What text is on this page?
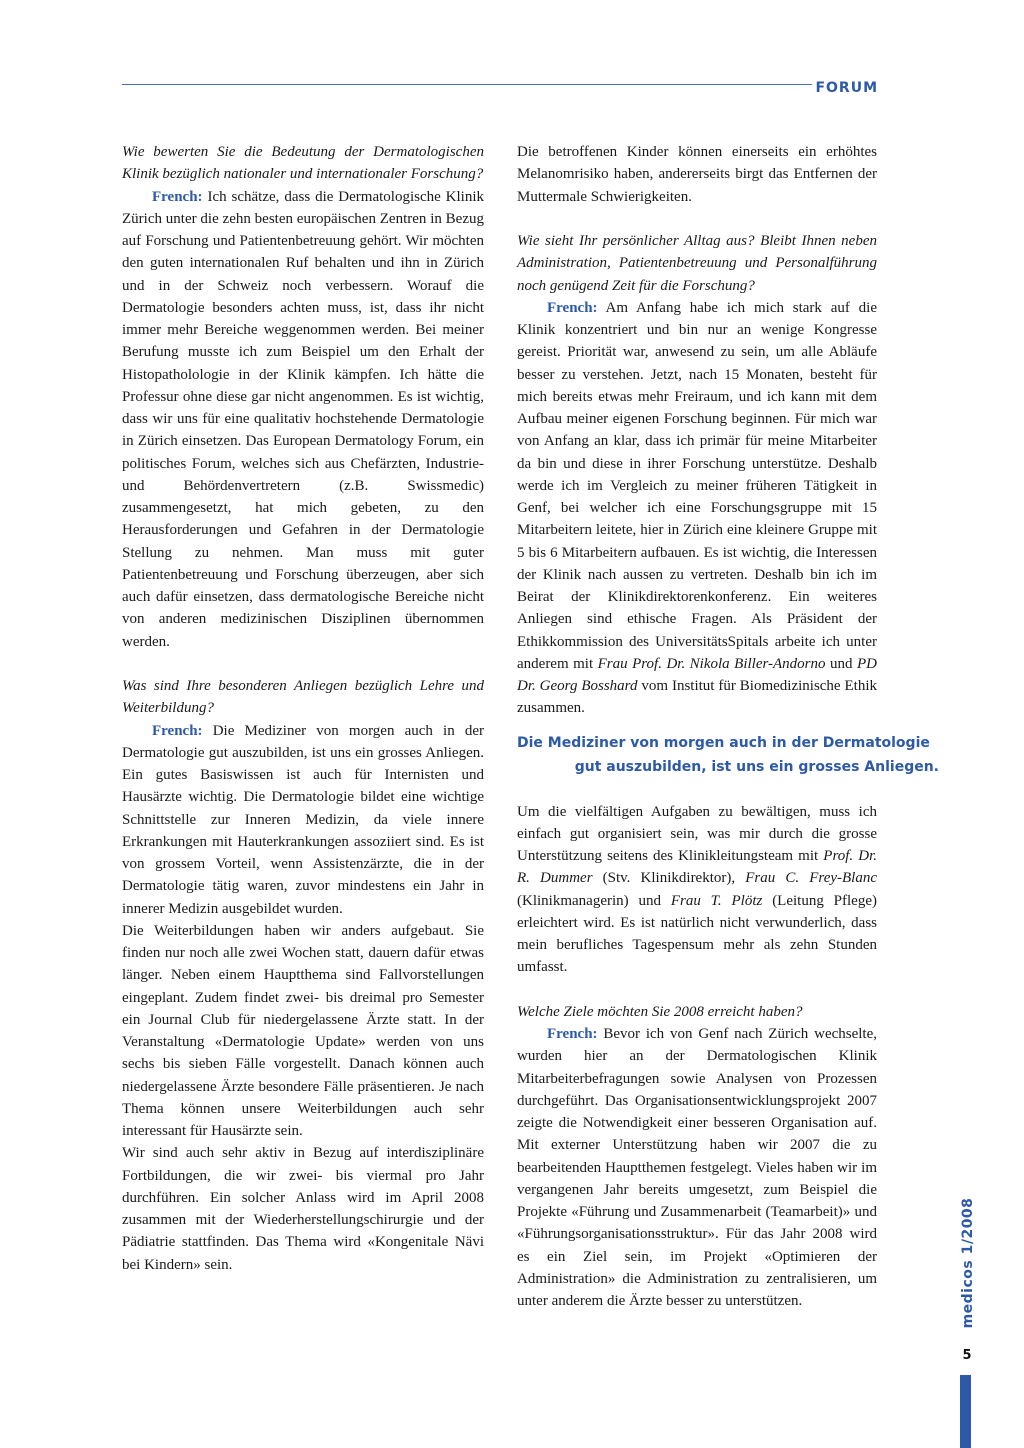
FORUM

Wie bewerten Sie die Bedeutung der Dermatologischen Klinik bezüglich nationaler und internationaler Forschung?

French: Ich schätze, dass die Dermatologische Klinik Zürich unter die zehn besten europäischen Zentren in Bezug auf Forschung und Patientenbetreuung gehört. Wir möchten den guten internationalen Ruf behalten und ihn in Zürich und in der Schweiz noch verbessern. Worauf die Dermatologie besonders achten muss, ist, dass ihr nicht immer mehr Bereiche weggenommen werden. Bei meiner Berufung musste ich zum Beispiel um den Erhalt der Histopatholologie in der Klinik kämpfen. Ich hätte die Professur ohne diese gar nicht angenommen. Es ist wichtig, dass wir uns für eine qualitativ hochstehende Dermatologie in Zürich einsetzen. Das European Dermatology Forum, ein politisches Forum, welches sich aus Chefärzten, Industrie- und Behördenvertretern (z.B. Swissmedic) zusammengesetzt, hat mich gebeten, zu den Herausforderungen und Gefahren in der Dermatologie Stellung zu nehmen. Man muss mit guter Patientenbetreuung und Forschung überzeugen, aber sich auch dafür einsetzen, dass dermatologische Bereiche nicht von anderen medizinischen Disziplinen übernommen werden.

Was sind Ihre besonderen Anliegen bezüglich Lehre und Weiterbildung?

French: Die Mediziner von morgen auch in der Dermatologie gut auszubilden, ist uns ein grosses Anliegen. Ein gutes Basiswissen ist auch für Internisten und Hausärzte wichtig. Die Dermatologie bildet eine wichtige Schnittstelle zur Inneren Medizin, da viele innere Erkrankungen mit Hauterkrankungen assoziiert sind. Es ist von grossem Vorteil, wenn Assistenzärzte, die in der Dermatologie tätig waren, zuvor mindestens ein Jahr in innerer Medizin ausgebildet wurden.

Die Weiterbildungen haben wir anders aufgebaut. Sie finden nur noch alle zwei Wochen statt, dauern dafür etwas länger. Neben einem Hauptthema sind Fallvorstellungen eingeplant. Zudem findet zwei- bis dreimal pro Semester ein Journal Club für niedergelassene Ärzte statt. In der Veranstaltung «Dermatologie Update» werden von uns sechs bis sieben Fälle vorgestellt. Danach können auch niedergelassene Ärzte besondere Fälle präsentieren. Je nach Thema können unsere Weiterbildungen auch sehr interessant für Hausärzte sein.

Wir sind auch sehr aktiv in Bezug auf interdisziplinäre Fortbildungen, die wir zwei- bis viermal pro Jahr durchführen. Ein solcher Anlass wird im April 2008 zusammen mit der Wiederherstellungschirurgie und der Pädiatrie stattfinden. Das Thema wird «Kongenitale Nävi bei Kindern» sein.

Die betroffenen Kinder können einerseits ein erhöhtes Melanomrisiko haben, andererseits birgt das Entfernen der Muttermale Schwierigkeiten.

Wie sieht Ihr persönlicher Alltag aus? Bleibt Ihnen neben Administration, Patientenbetreuung und Personalführung noch genügend Zeit für die Forschung?

French: Am Anfang habe ich mich stark auf die Klinik konzentriert und bin nur an wenige Kongresse gereist. Priorität war, anwesend zu sein, um alle Abläufe besser zu verstehen. Jetzt, nach 15 Monaten, besteht für mich bereits etwas mehr Freiraum, und ich kann mit dem Aufbau meiner eigenen Forschung beginnen. Für mich war von Anfang an klar, dass ich primär für meine Mitarbeiter da bin und diese in ihrer Forschung unterstütze. Deshalb werde ich im Vergleich zu meiner früheren Tätigkeit in Genf, bei welcher ich eine Forschungsgruppe mit 15 Mitarbeitern leitete, hier in Zürich eine kleinere Gruppe mit 5 bis 6 Mitarbeitern aufbauen. Es ist wichtig, die Interessen der Klinik nach aussen zu vertreten. Deshalb bin ich im Beirat der Klinikdirektorenkonferenz. Ein weiteres Anliegen sind ethische Fragen. Als Präsident der Ethikkommission des UniversitätsSpitals arbeite ich unter anderem mit Frau Prof. Dr. Nikola Biller-Andorno und PD Dr. Georg Bosshard vom Institut für Biomedizinische Ethik zusammen.

Die Mediziner von morgen auch in der Dermatologie
gut auszubilden, ist uns ein grosses Anliegen.

Um die vielfältigen Aufgaben zu bewältigen, muss ich einfach gut organisiert sein, was mir durch die grosse Unterstützung seitens des Klinikleitungsteam mit Prof. Dr. R. Dummer (Stv. Klinikdirektor), Frau C. Frey-Blanc (Klinikmanagerin) und Frau T. Plötz (Leitung Pflege) erleichtert wird. Es ist natürlich nicht verwunderlich, dass mein berufliches Tagespensum mehr als zehn Stunden umfasst.

Welche Ziele möchten Sie 2008 erreicht haben?

French: Bevor ich von Genf nach Zürich wechselte, wurden hier an der Dermatologischen Klinik Mitarbeiterbefragungen sowie Analysen von Prozessen durchgeführt. Das Organisationsentwicklungsprojekt 2007 zeigte die Notwendigkeit einer besseren Organisation auf. Mit externer Unterstützung haben wir 2007 die zu bearbeitenden Hauptthemen festgelegt. Vieles haben wir im vergangenen Jahr bereits umgesetzt, zum Beispiel die Projekte «Führung und Zusammenarbeit (Teamarbeit)» und «Führungsorganisationsstruktur». Für das Jahr 2008 wird es ein Ziel sein, im Projekt «Optimieren der Administration» die Administration zu zentralisieren, um unter anderem die Ärzte besser zu unterstützen.	medicos 1/2008
5
